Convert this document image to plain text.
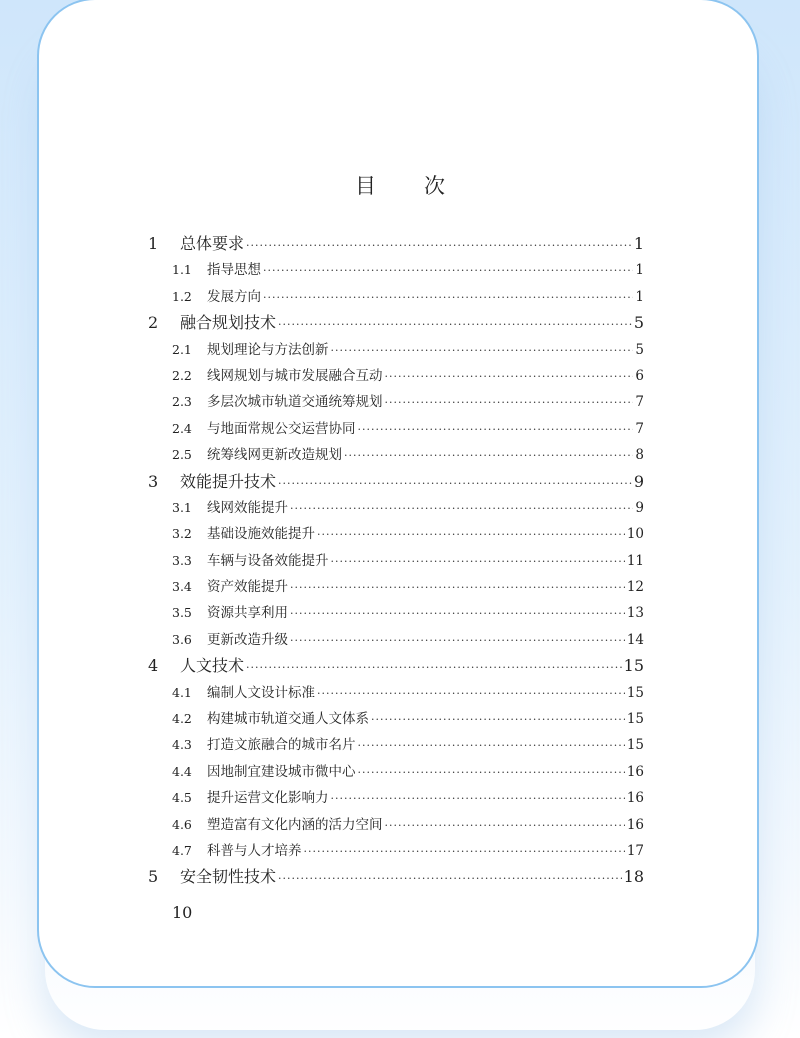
目次
1	总体要求 ·····	1
1.1	指导思想 ·····	1
1.2	发展方向 ·····	1
2	融合规划技术 ·····	5
2.1	规划理论与方法创新 ·····	5
2.2	线网规划与城市发展融合互动 ·····	6
2.3	多层次城市轨道交通统筹规划 ·····	7
2.4	与地面常规公交运营协同 ·····	7
2.5	统筹线网更新改造规划 ·····	8
3	效能提升技术 ·····	9
3.1	线网效能提升 ·····	9
3.2	基础设施效能提升 ·····	10
3.3	车辆与设备效能提升 ·····	11
3.4	资产效能提升 ·····	12
3.5	资源共享利用 ·····	13
3.6	更新改造升级 ·····	14
4	人文技术 ·····	15
4.1	编制人文设计标准 ·····	15
4.2	构建城市轨道交通人文体系 ·····	15
4.3	打造文旅融合的城市名片 ·····	15
4.4	因地制宜建设城市微中心 ·····	16
4.5	提升运营文化影响力 ·····	16
4.6	塑造富有文化内涵的活力空间 ·····	16
4.7	科普与人才培养 ·····	17
5	安全韧性技术 ·····	18
10
